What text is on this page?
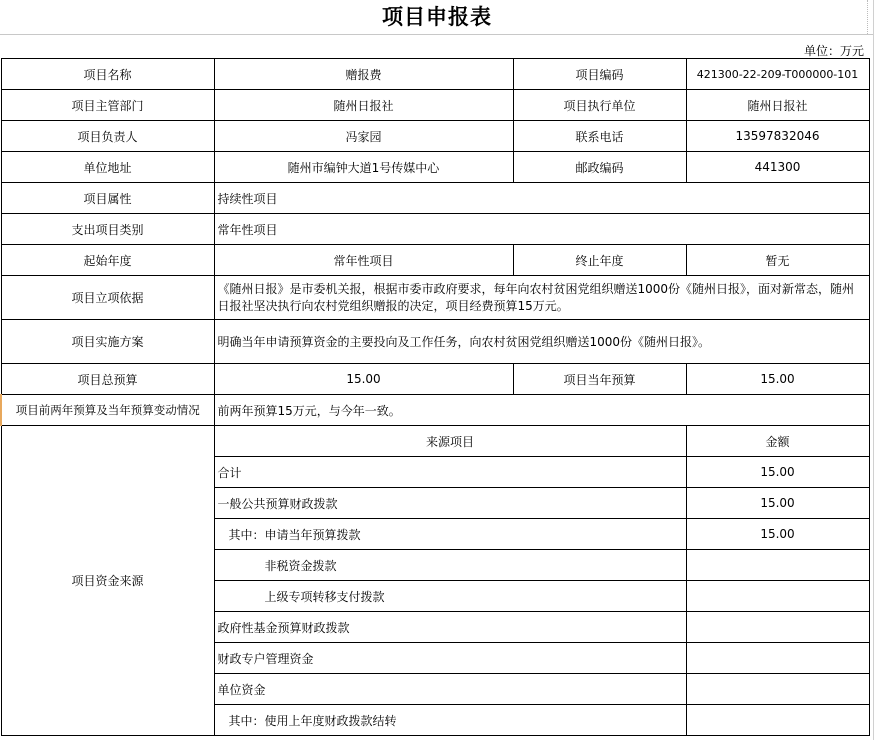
项目申报表
单位：万元
项目名称	赠报费	项目编码	421300-22-209-T000000-101
项目主管部门	随州日报社	项目执行单位	随州日报社
项目负责人	冯家园	联系电话	13597832046
单位地址	随州市编钟大道1号传媒中心	邮政编码	441300
项目属性	持续性项目		
支出项目类别	常年性项目		
起始年度	常年性项目	终止年度	暂无
项目立项依据	《随州日报》是市委机关报，根据市委市政府要求，每年向农村贫困党组织赠送1000份《随州日报》，面对新常态，随州日报社坚决执行向农村党组织赠报的决定，项目经费预算15万元。		
项目实施方案	明确当年申请预算资金的主要投向及工作任务，向农村贫困党组织赠送1000份《随州日报》。		
项目总预算	15.00	项目当年预算	15.00
项目前两年预算及当年预算变动情况	前两年预算15万元，与今年一致。		
项目资金来源	来源项目		金额
	合计		15.00
	一般公共预算财政拨款		15.00
	其中：申请当年预算拨款		15.00
	非税资金拨款		
	上级专项转移支付拨款		
	政府性基金预算财政拨款		
	财政专户管理资金		
	单位资金		
	其中：使用上年度财政拨款结转		
